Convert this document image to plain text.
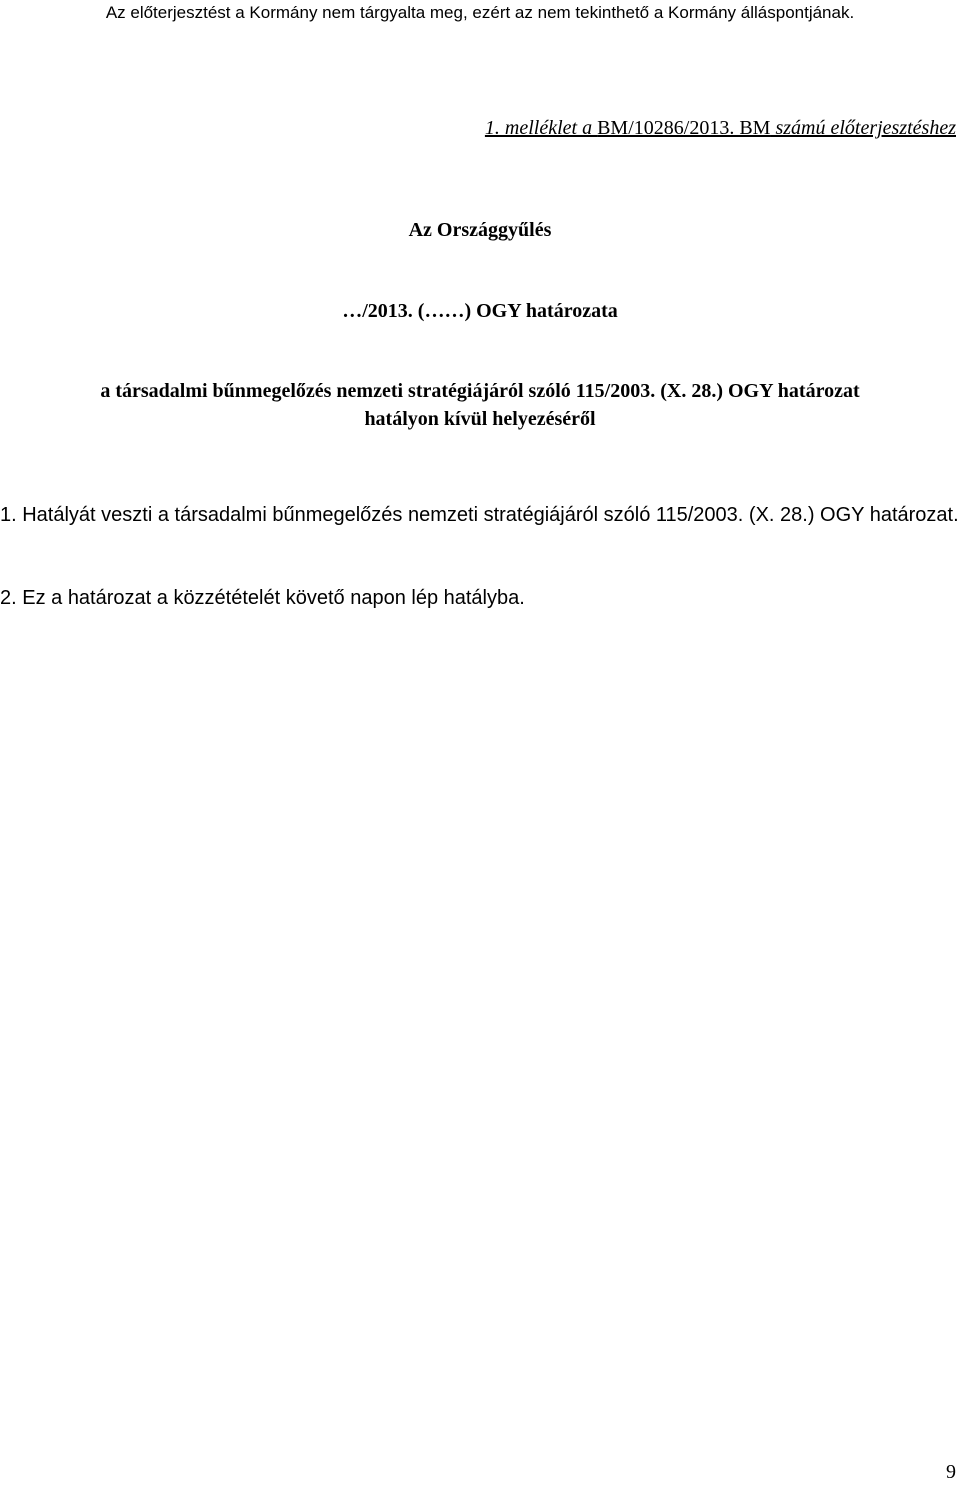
Az előterjesztést a Kormány nem tárgyalta meg, ezért az nem tekinthető a Kormány álláspontjának.
1. melléklet a BM/10286/2013. BM számú előterjesztéshez
Az Országgyűlés
…/2013. (……) OGY határozata
a társadalmi bűnmegelőzés nemzeti stratégiájáról szóló 115/2003. (X. 28.) OGY határozat
hatályon kívül helyezéséről
1. Hatályát veszti a társadalmi bűnmegelőzés nemzeti stratégiájáról szóló 115/2003. (X. 28.) OGY határozat.
2. Ez a határozat a közzétételét követő napon lép hatályba.
9
